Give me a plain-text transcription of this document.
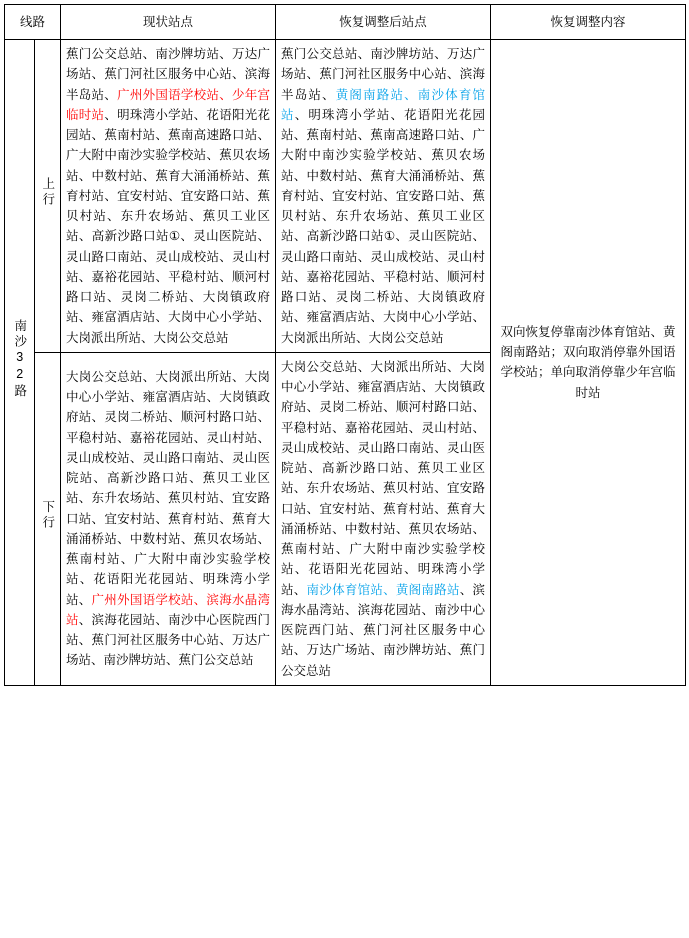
线路		现状站点	恢复调整后站点	恢复调整内容
南沙32路	上行	蕉门公交总站、南沙牌坊站、万达广场站、蕉门河社区服务中心站、滨海半岛站、广州外国语学校站、少年宫临时站、明珠湾小学站、花语阳光花园站、蕉南村站、蕉南高速路口站、广大附中南沙实验学校站、蕉贝农场站、中数村站、蕉育大涌涌桥站、蕉育村站、宜安村站、宜安路口站、蕉贝村站、东升农场站、蕉贝工业区站、高新沙路口站①、灵山医院站、灵山路口南站、灵山成校站、灵山村站、嘉裕花园站、平稳村站、顺河村路口站、灵岗二桥站、大岗镇政府站、雍富酒店站、大岗中心小学站、大岗派出所站、大岗公交总站	蕉门公交总站、南沙牌坊站、万达广场站、蕉门河社区服务中心站、滨海半岛站、黄阁南路站、南沙体育馆站、明珠湾小学站、花语阳光花园站、蕉南村站、蕉南高速路口站、广大附中南沙实验学校站、蕉贝农场站、中数村站、蕉育大涌涌桥站、蕉育村站、宜安村站、宜安路口站、蕉贝村站、东升农场站、蕉贝工业区站、高新沙路口站①、灵山医院站、灵山路口南站、灵山成校站、灵山村站、嘉裕花园站、平稳村站、顺河村路口站、灵岗二桥站、大岗镇政府站、雍富酒店站、大岗中心小学站、大岗派出所站、大岗公交总站	双向恢复停靠南沙体育馆站、黄阁南路站；双向取消停靠外国语学校站；单向取消停靠少年宫临时站
下行	大岗公交总站、大岗派出所站、大岗中心小学站、雍富酒店站、大岗镇政府站、灵岗二桥站、顺河村路口站、平稳村站、嘉裕花园站、灵山村站、灵山成校站、灵山路口南站、灵山医院站、高新沙路口站、蕉贝工业区站、东升农场站、蕉贝村站、宜安路口站、宜安村站、蕉育村站、蕉育大涌涌桥站、中数村站、蕉贝农场站、蕉南村站、广大附中南沙实验学校站、花语阳光花园站、明珠湾小学站、广州外国语学校站、滨海水晶湾站、滨海花园站、南沙中心医院西门站、蕉门河社区服务中心站、万达广场站、南沙牌坊站、蕉门公交总站	大岗公交总站、大岗派出所站、大岗中心小学站、雍富酒店站、大岗镇政府站、灵岗二桥站、顺河村路口站、平稳村站、嘉裕花园站、灵山村站、灵山成校站、灵山路口南站、灵山医院站、高新沙路口站、蕉贝工业区站、东升农场站、蕉贝村站、宜安路口站、宜安村站、蕉育村站、蕉育大涌涌桥站、中数村站、蕉贝农场站、蕉南村站、广大附中南沙实验学校站、花语阳光花园站、明珠湾小学站、南沙体育馆站、黄阁南路站、滨海水晶湾站、滨海花园站、南沙中心医院西门站、蕉门河社区服务中心站、万达广场站、南沙牌坊站、蕉门公交总站
